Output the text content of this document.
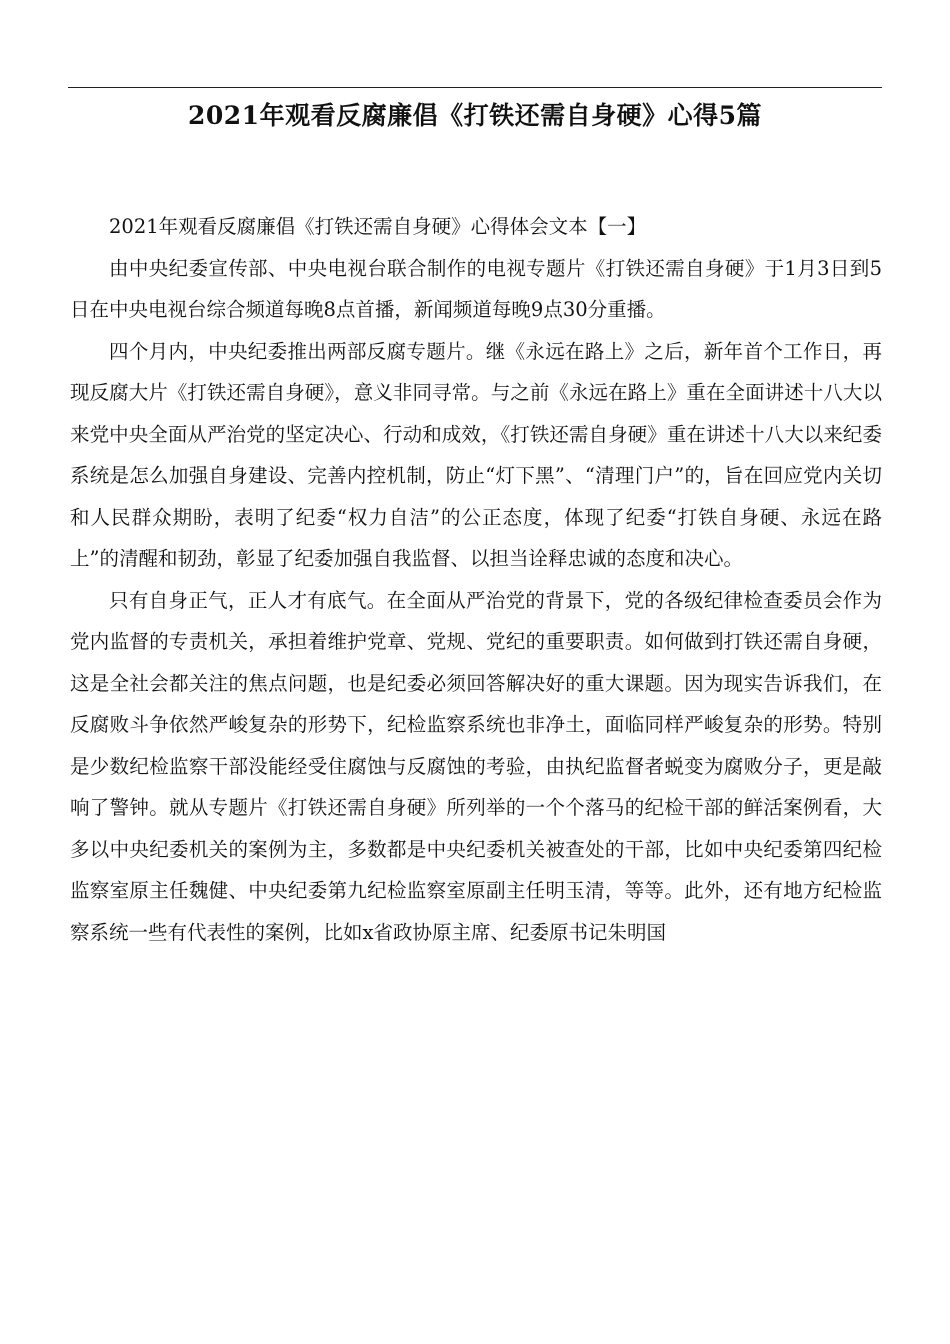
2021年观看反腐廉倡《打铁还需自身硬》心得5篇

2021年观看反腐廉倡《打铁还需自身硬》心得体会文本【一】

由中央纪委宣传部、中央电视台联合制作的电视专题片《打铁还需自身硬》于1月3日到5日在中央电视台综合频道每晚8点首播，新闻频道每晚9点30分重播。

四个月内，中央纪委推出两部反腐专题片。继《永远在路上》之后，新年首个工作日，再现反腐大片《打铁还需自身硬》，意义非同寻常。与之前《永远在路上》重在全面讲述十八大以来党中央全面从严治党的坚定决心、行动和成效，《打铁还需自身硬》重在讲述十八大以来纪委系统是怎么加强自身建设、完善内控机制，防止“灯下黑”、“清理门户”的，旨在回应党内关切和人民群众期盼，表明了纪委“权力自洁”的公正态度，体现了纪委“打铁自身硬、永远在路上”的清醒和韧劲，彰显了纪委加强自我监督、以担当诠释忠诚的态度和决心。

只有自身正气，正人才有底气。在全面从严治党的背景下，党的各级纪律检查委员会作为党内监督的专责机关，承担着维护党章、党规、党纪的重要职责。如何做到打铁还需自身硬，这是全社会都关注的焦点问题，也是纪委必须回答解决好的重大课题。因为现实告诉我们，在反腐败斗争依然严峻复杂的形势下，纪检监察系统也非净土，面临同样严峻复杂的形势。特别是少数纪检监察干部没能经受住腐蚀与反腐蚀的考验，由执纪监督者蜕变为腐败分子，更是敲响了警钟。就从专题片《打铁还需自身硬》所列举的一个个落马的纪检干部的鲜活案例看，大多以中央纪委机关的案例为主，多数都是中央纪委机关被查处的干部，比如中央纪委第四纪检监察室原主任魏健、中央纪委第九纪检监察室原副主任明玉清，等等。此外，还有地方纪检监察系统一些有代表性的案例，比如x省政协原主席、纪委原书记朱明国
